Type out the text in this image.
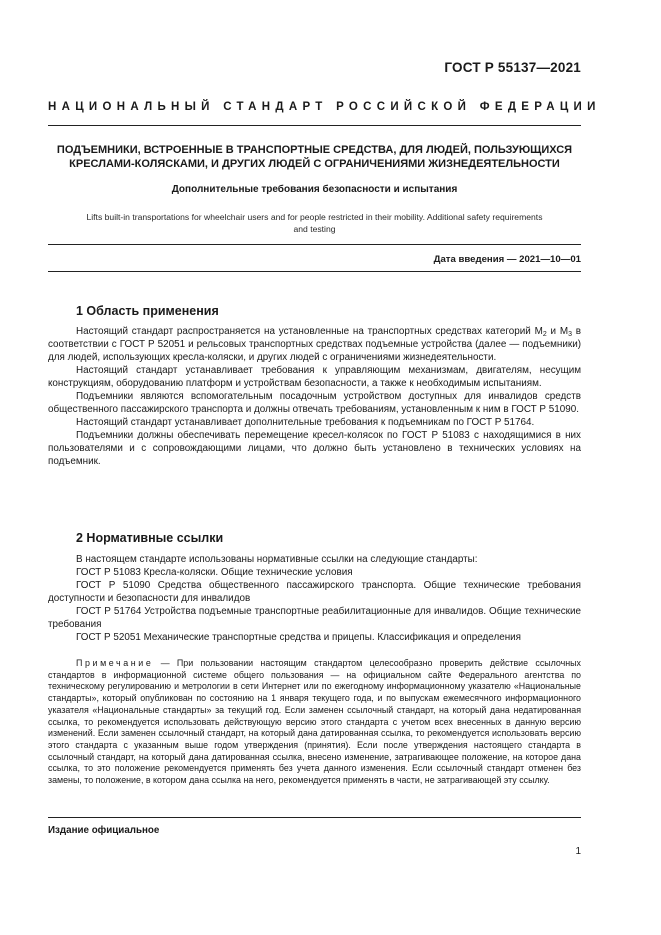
ГОСТ Р 55137—2021
НАЦИОНАЛЬНЫЙ СТАНДАРТ РОССИЙСКОЙ ФЕДЕРАЦИИ
ПОДЪЕМНИКИ, ВСТРОЕННЫЕ В ТРАНСПОРТНЫЕ СРЕДСТВА, ДЛЯ ЛЮДЕЙ, ПОЛЬЗУЮЩИХСЯ
КРЕСЛАМИ-КОЛЯСКАМИ, И ДРУГИХ ЛЮДЕЙ С ОГРАНИЧЕНИЯМИ ЖИЗНЕДЕЯТЕЛЬНОСТИ
Дополнительные требования безопасности и испытания
Lifts built-in transportations for wheelchair users and for people restricted in their mobility. Additional safety requirements
and testing
Дата введения — 2021—10—01
1 Область применения

Настоящий стандарт распространяется на установленные на транспортных средствах категорий $М_2$ и $М_3$ в соответствии с ГОСТ Р 52051 и рельсовых транспортных средствах подъемные устройства (далее — подъемники) для людей, использующих кресла-коляски, и других людей с ограничениями жизнедеятельности.

Настоящий стандарт устанавливает требования к управляющим механизмам, двигателям, несущим конструкциям, оборудованию платформ и устройствам безопасности, а также к необходимым испытаниям.

Подъемники являются вспомогательным посадочным устройством доступных для инвалидов средств общественного пассажирского транспорта и должны отвечать требованиям, установленным к ним в ГОСТ Р 51090.

Настоящий стандарт устанавливает дополнительные требования к подъемникам по ГОСТ Р 51764.

Подъемники должны обеспечивать перемещение кресел-колясок по ГОСТ Р 51083 с находящимися в них пользователями и с сопровождающими лицами, что должно быть установлено в технических условиях на подъемник.

2 Нормативные ссылки

В настоящем стандарте использованы нормативные ссылки на следующие стандарты:

ГОСТ Р 51083 Кресла-коляски. Общие технические условия

ГОСТ Р 51090 Средства общественного пассажирского транспорта. Общие технические требования доступности и безопасности для инвалидов

ГОСТ Р 51764 Устройства подъемные транспортные реабилитационные для инвалидов. Общие технические требования

ГОСТ Р 52051 Механические транспортные средства и прицепы. Классификация и определения

Примечание — При пользовании настоящим стандартом целесообразно проверить действие ссылочных стандартов в информационной системе общего пользования — на официальном сайте Федерального агентства по техническому регулированию и метрологии в сети Интернет или по ежегодному информационному указателю «Национальные стандарты», который опубликован по состоянию на 1 января текущего года, и по выпускам ежемесячного информационного указателя «Национальные стандарты» за текущий год. Если заменен ссылочный стандарт, на который дана недатированная ссылка, то рекомендуется использовать действующую версию этого стандарта с учетом всех внесенных в данную версию изменений. Если заменен ссылочный стандарт, на который дана датированная ссылка, то рекомендуется использовать версию этого стандарта с указанным выше годом утверждения (принятия). Если после утверждения настоящего стандарта в ссылочный стандарт, на который дана датированная ссылка, внесено изменение, затрагивающее положение, на которое дана ссылка, то это положение рекомендуется применять без учета данного изменения. Если ссылочный стандарт отменен без замены, то положение, в котором дана ссылка на него, рекомендуется применять в части, не затрагивающей эту ссылку.

Издание официальное
1
